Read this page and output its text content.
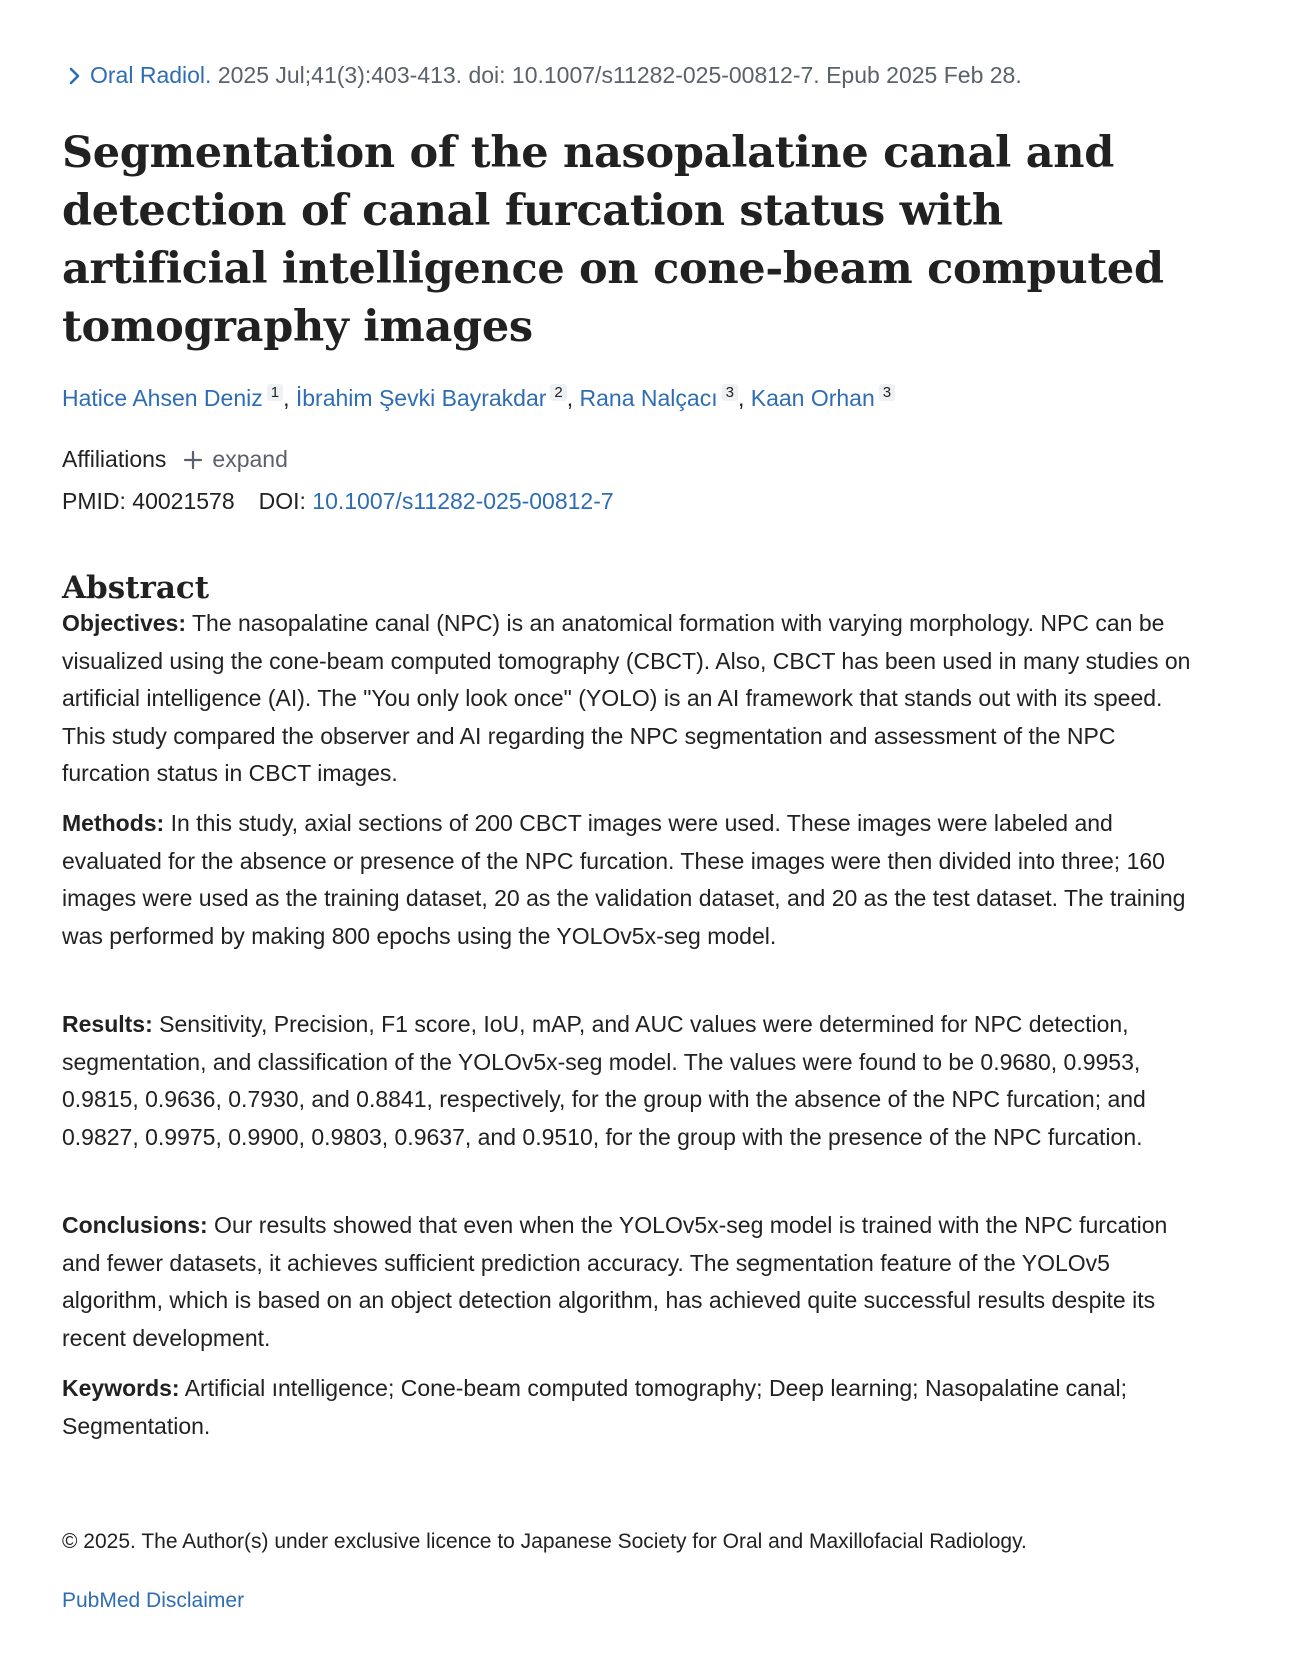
Oral Radiol. 2025 Jul;41(3):403-413. doi: 10.1007/s11282-025-00812-7. Epub 2025 Feb 28.
Segmentation of the nasopalatine canal and detection of canal furcation status with artificial intelligence on cone-beam computed tomography images
Hatice Ahsen Deniz 1 , İbrahim Şevki Bayrakdar 2 , Rana Nalçacı 3 , Kaan Orhan 3
Affiliations expand
PMID: 40021578 DOI: 10.1007/s11282-025-00812-7
Abstract

Objectives: The nasopalatine canal (NPC) is an anatomical formation with varying morphology. NPC can be visualized using the cone-beam computed tomography (CBCT). Also, CBCT has been used in many studies on artificial intelligence (AI). The "You only look once" (YOLO) is an AI framework that stands out with its speed. This study compared the observer and AI regarding the NPC segmentation and assessment of the NPC furcation status in CBCT images.

Methods: In this study, axial sections of 200 CBCT images were used. These images were labeled and evaluated for the absence or presence of the NPC furcation. These images were then divided into three; 160 images were used as the training dataset, 20 as the validation dataset, and 20 as the test dataset. The training was performed by making 800 epochs using the YOLOv5x-seg model.

Results: Sensitivity, Precision, F1 score, IoU, mAP, and AUC values were determined for NPC detection, segmentation, and classification of the YOLOv5x-seg model. The values were found to be 0.9680, 0.9953, 0.9815, 0.9636, 0.7930, and 0.8841, respectively, for the group with the absence of the NPC furcation; and 0.9827, 0.9975, 0.9900, 0.9803, 0.9637, and 0.9510, for the group with the presence of the NPC furcation.

Conclusions: Our results showed that even when the YOLOv5x-seg model is trained with the NPC furcation and fewer datasets, it achieves sufficient prediction accuracy. The segmentation feature of the YOLOv5 algorithm, which is based on an object detection algorithm, has achieved quite successful results despite its recent development.

Keywords: Artificial ıntelligence; Cone-beam computed tomography; Deep learning; Nasopalatine canal; Segmentation.

© 2025. The Author(s) under exclusive licence to Japanese Society for Oral and Maxillofacial Radiology.
PubMed Disclaimer
